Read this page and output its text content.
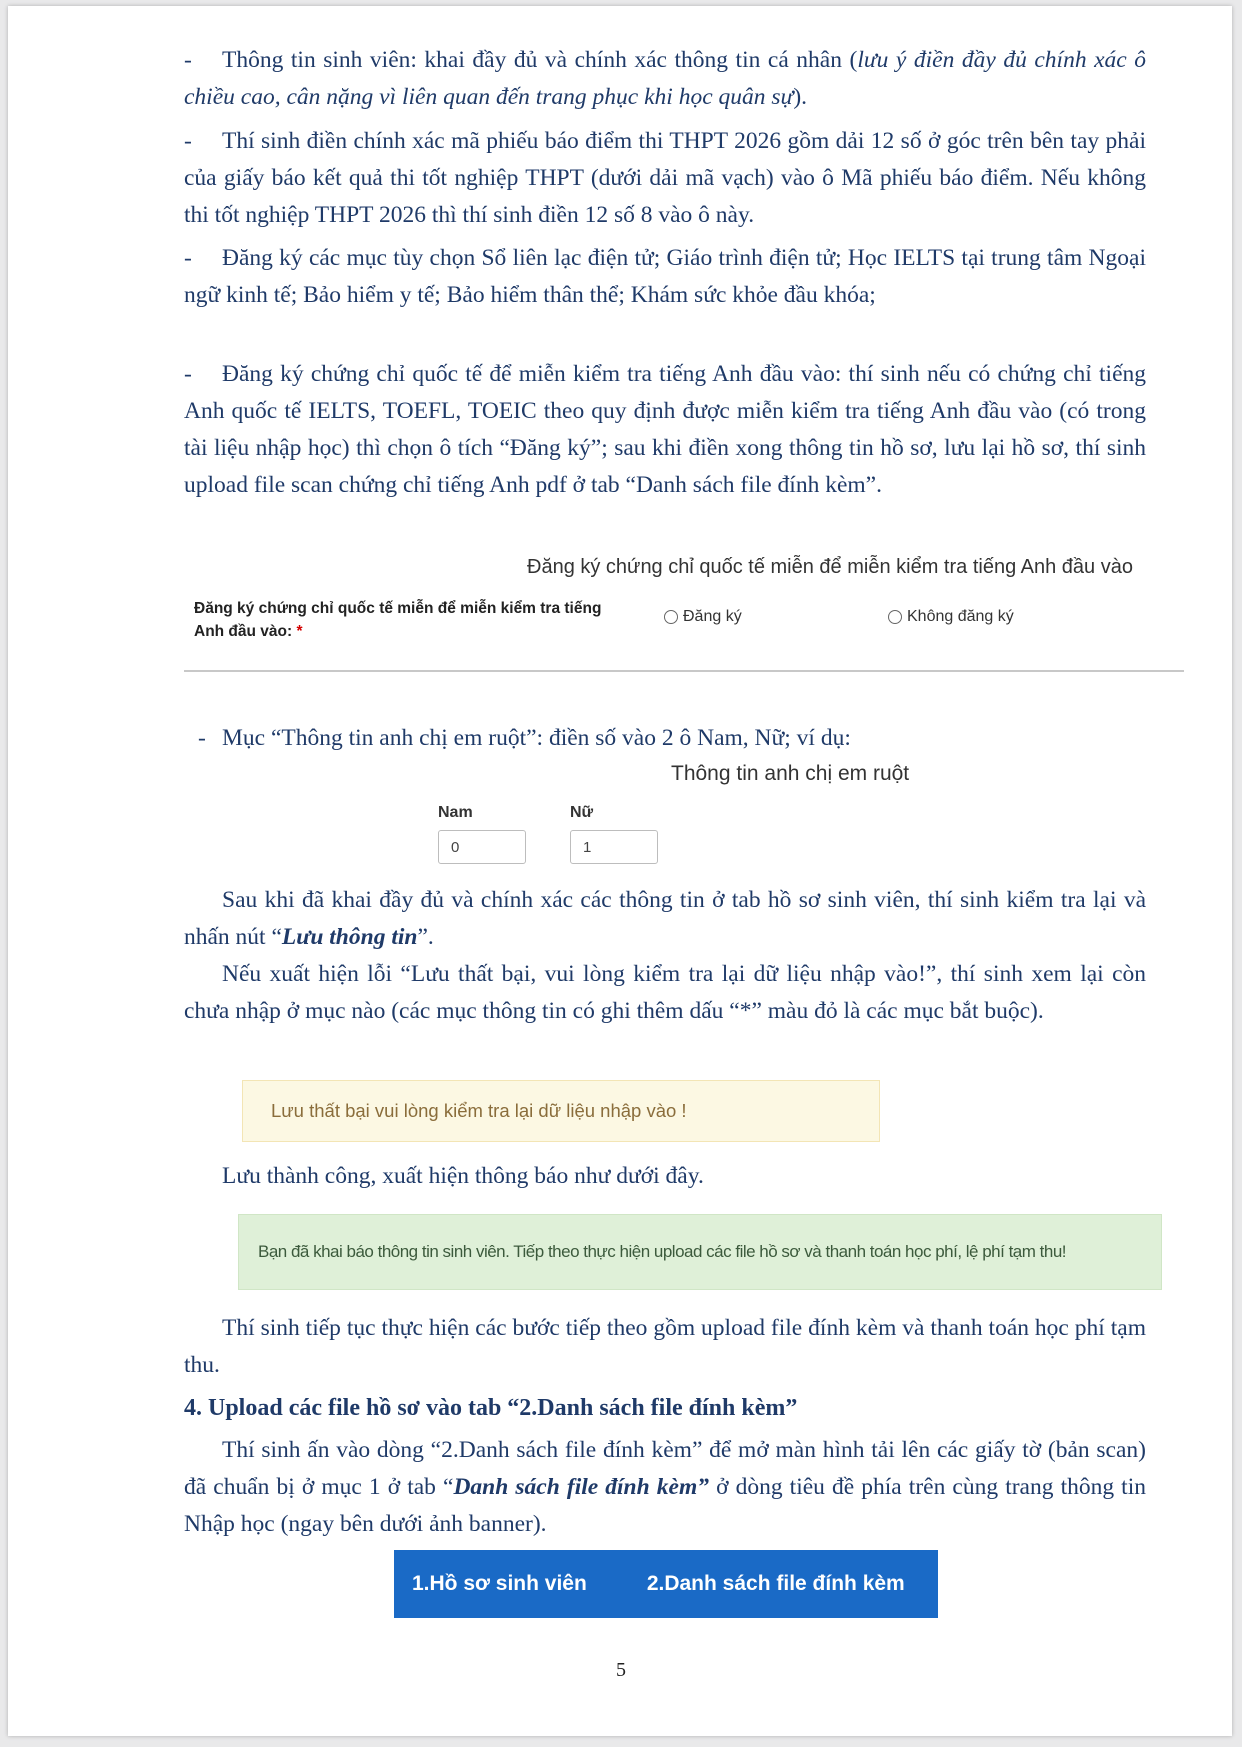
- Thông tin sinh viên: khai đầy đủ và chính xác thông tin cá nhân (lưu ý điền đầy đủ chính xác ô chiều cao, cân nặng vì liên quan đến trang phục khi học quân sự).

- Thí sinh điền chính xác mã phiếu báo điểm thi THPT 2026 gồm dải 12 số ở góc trên bên tay phải của giấy báo kết quả thi tốt nghiệp THPT (dưới dải mã vạch) vào ô Mã phiếu báo điểm. Nếu không thi tốt nghiệp THPT 2026 thì thí sinh điền 12 số 8 vào ô này.

- Đăng ký các mục tùy chọn Sổ liên lạc điện tử; Giáo trình điện tử; Học IELTS tại trung tâm Ngoại ngữ kinh tế; Bảo hiểm y tế; Bảo hiểm thân thể; Khám sức khỏe đầu khóa;

- Đăng ký chứng chỉ quốc tế để miễn kiểm tra tiếng Anh đầu vào: thí sinh nếu có chứng chỉ tiếng Anh quốc tế IELTS, TOEFL, TOEIC theo quy định được miễn kiểm tra tiếng Anh đầu vào (có trong tài liệu nhập học) thì chọn ô tích “Đăng ký”; sau khi điền xong thông tin hồ sơ, lưu lại hồ sơ, thí sinh upload file scan chứng chỉ tiếng Anh pdf ở tab “Danh sách file đính kèm”.

Đăng ký chứng chỉ quốc tế miễn để miễn kiểm tra tiếng Anh đầu vào
Đăng ký chứng chỉ quốc tế miễn để miễn kiểm tra tiếng Anh đầu vào: *
Đăng ký	Không đăng ký

- Mục “Thông tin anh chị em ruột”: điền số vào 2 ô Nam, Nữ; ví dụ:

Thông tin anh chị em ruột
Nam	Nữ
0	1

Sau khi đã khai đầy đủ và chính xác các thông tin ở tab hồ sơ sinh viên, thí sinh kiểm tra lại và nhấn nút “Lưu thông tin”.

Nếu xuất hiện lỗi “Lưu thất bại, vui lòng kiểm tra lại dữ liệu nhập vào!”, thí sinh xem lại còn chưa nhập ở mục nào (các mục thông tin có ghi thêm dấu “*” màu đỏ là các mục bắt buộc).

Lưu thất bại vui lòng kiểm tra lại dữ liệu nhập vào !

Lưu thành công, xuất hiện thông báo như dưới đây.

Bạn đã khai báo thông tin sinh viên. Tiếp theo thực hiện upload các file hồ sơ và thanh toán học phí, lệ phí tạm thu!

Thí sinh tiếp tục thực hiện các bước tiếp theo gồm upload file đính kèm và thanh toán học phí tạm thu.

4. Upload các file hồ sơ vào tab “2.Danh sách file đính kèm”

Thí sinh ấn vào dòng “2.Danh sách file đính kèm” để mở màn hình tải lên các giấy tờ (bản scan) đã chuẩn bị ở mục 1 ở tab “Danh sách file đính kèm” ở dòng tiêu đề phía trên cùng trang thông tin Nhập học (ngay bên dưới ảnh banner).

1.Hồ sơ sinh viên	2.Danh sách file đính kèm
5
